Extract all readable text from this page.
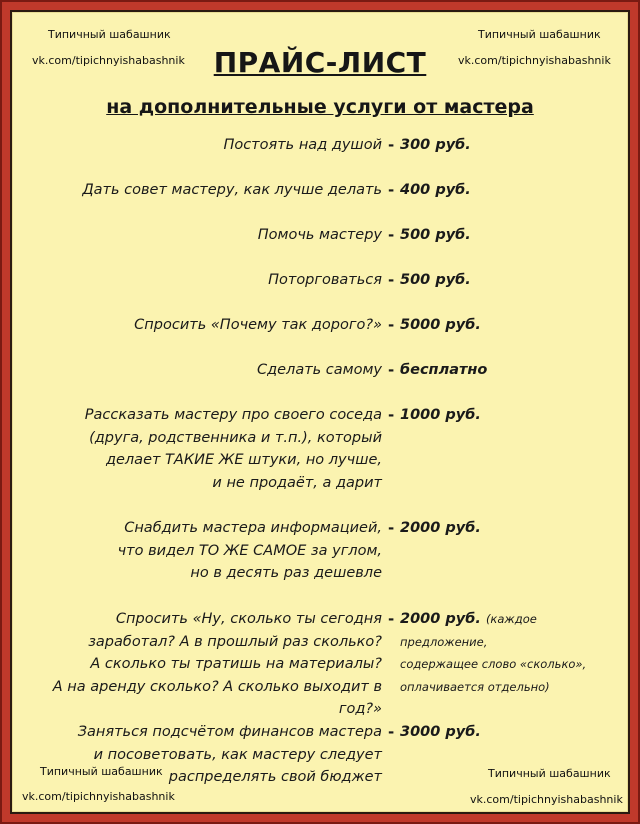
Типичный шабашник
vk.com/tipichnyishabashnik
Типичный шабашник
vk.com/tipichnyishabashnik
ПРАЙС-ЛИСТ
на дополнительные услуги от мастера
Постоять над душой - 300 руб.
Дать совет мастеру, как лучше делать - 400 руб.
Помочь мастеру - 500 руб.
Поторговаться - 500 руб.
Спросить «Почему так дорого?» - 5000 руб.
Сделать самому - бесплатно
Рассказать мастеру про своего соседа
(друга, родственника и т.п.), который
делает ТАКИЕ ЖЕ штуки, но лучше,
и не продаёт, а дарит
- 1000 руб.
Снабдить мастера информацией,
что видел ТО ЖЕ САМОЕ за углом,
но в десять раз дешевле
- 2000 руб.
Спросить «Ну, сколько ты сегодня
заработал? А в прошлый раз сколько?
А сколько ты тратишь на материалы?
А на аренду сколько? А сколько выходит в год?»
- 2000 руб. (каждое предложение,
содержащее слово «сколько»,
оплачивается отдельно)
Заняться подсчётом финансов мастера
и посоветовать, как мастеру следует
распределять свой бюджет
- 3000 руб.
Типичный шабашник
vk.com/tipichnyishabashnik
Типичный шабашник
vk.com/tipichnyishabashnik
